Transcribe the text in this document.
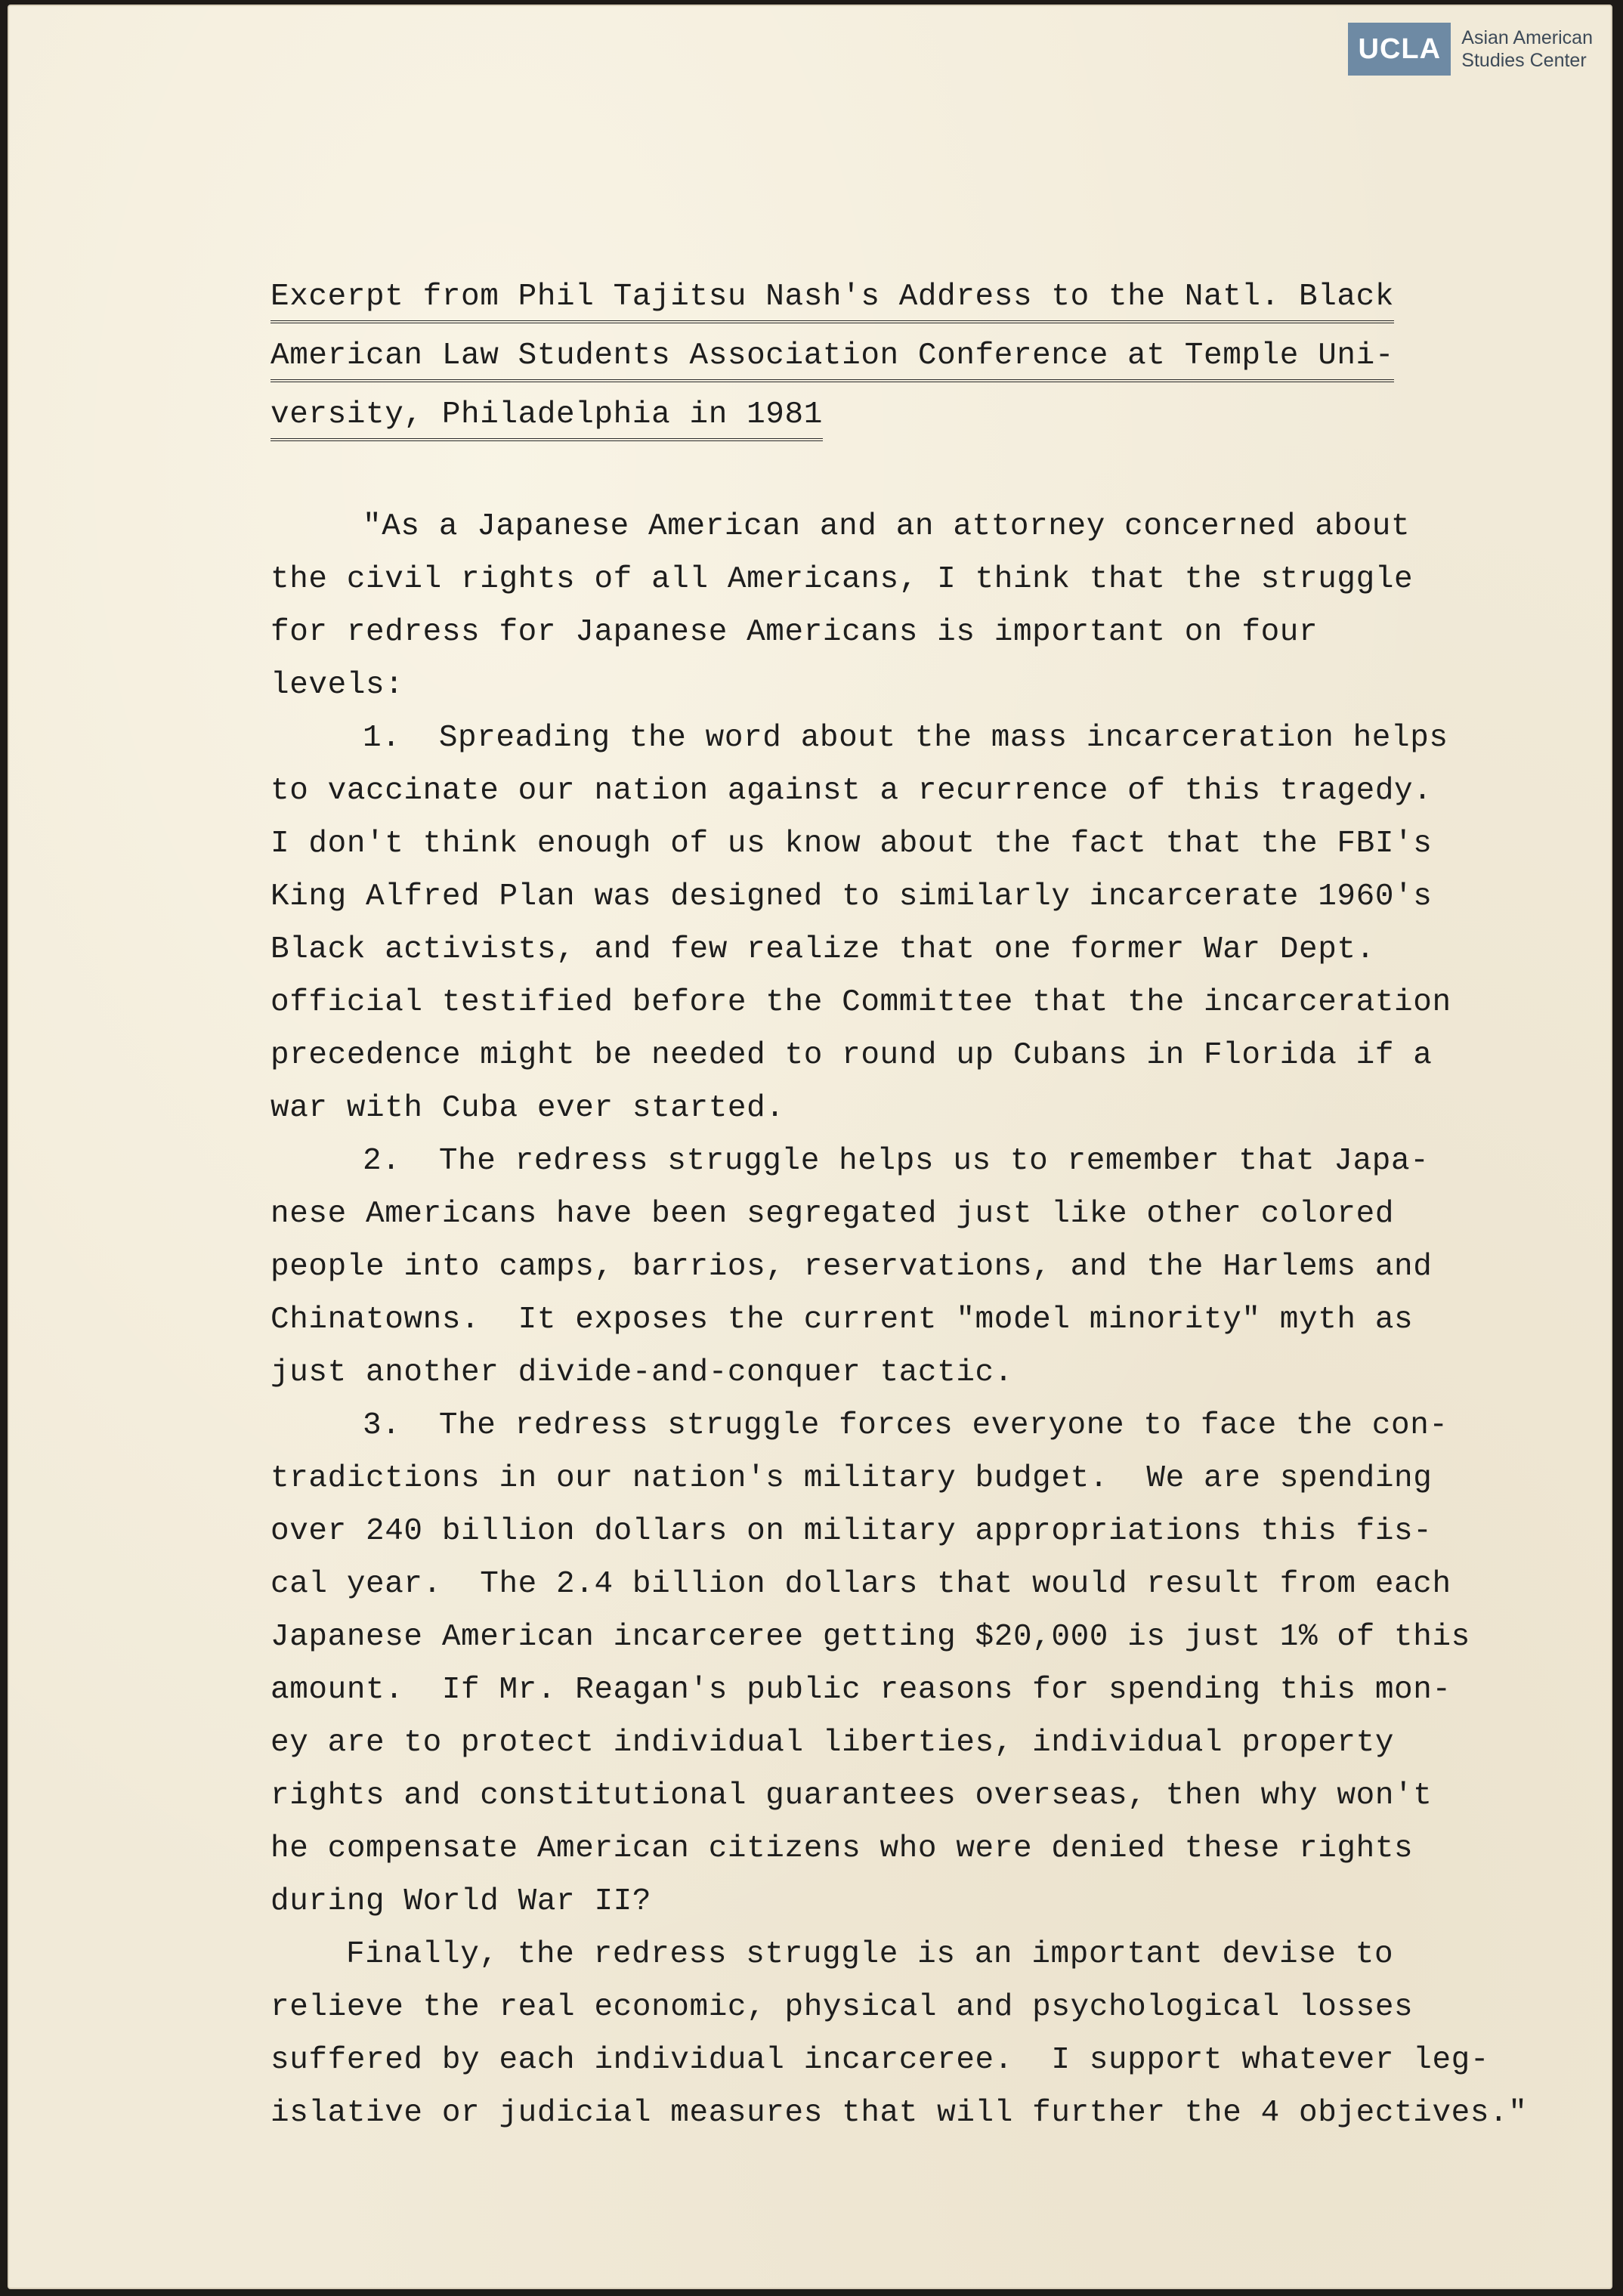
UCLA	Asian American
Studies Center
Excerpt from Phil Tajitsu Nash's Address to the Natl. Black
American Law Students Association Conference at Temple Uni-
versity, Philadelphia in 1981
"As a Japanese American and an attorney concerned about
the civil rights of all Americans, I think that the struggle
for redress for Japanese Americans is important on four
levels:
1.  Spreading the word about the mass incarceration helps
to vaccinate our nation against a recurrence of this tragedy.
I don't think enough of us know about the fact that the FBI's
King Alfred Plan was designed to similarly incarcerate 1960's
Black activists, and few realize that one former War Dept.
official testified before the Committee that the incarceration
precedence might be needed to round up Cubans in Florida if a
war with Cuba ever started.
2.  The redress struggle helps us to remember that Japa-
nese Americans have been segregated just like other colored
people into camps, barrios, reservations, and the Harlems and
Chinatowns.  It exposes the current "model minority" myth as
just another divide-and-conquer tactic.
3.  The redress struggle forces everyone to face the con-
tradictions in our nation's military budget.  We are spending
over 240 billion dollars on military appropriations this fis-
cal year.  The 2.4 billion dollars that would result from each
Japanese American incarceree getting $20,000 is just 1% of this
amount.  If Mr. Reagan's public reasons for spending this mon-
ey are to protect individual liberties, individual property
rights and constitutional guarantees overseas, then why won't
he compensate American citizens who were denied these rights
during World War II?
Finally, the redress struggle is an important devise to
relieve the real economic, physical and psychological losses
suffered by each individual incarceree.  I support whatever leg-
islative or judicial measures that will further the 4 objectives."
